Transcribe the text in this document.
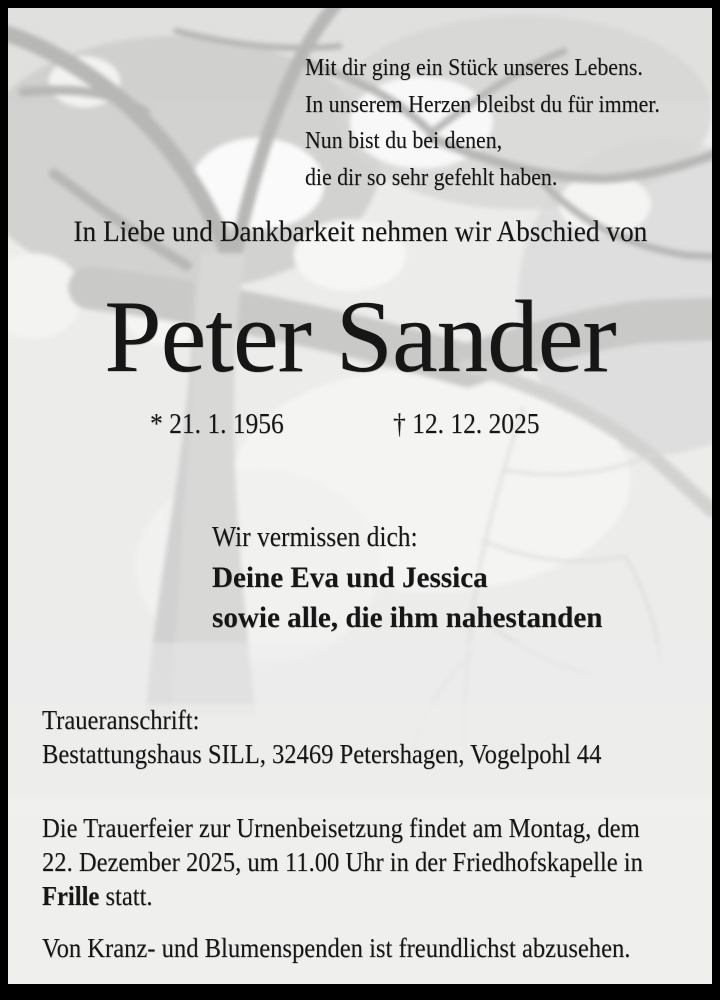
Mit dir ging ein Stück unseres Lebens.
In unserem Herzen bleibst du für immer.
Nun bist du bei denen,
die dir so sehr gefehlt haben.
In Liebe und Dankbarkeit nehmen wir Abschied von
Peter Sander
* 21. 1. 1956	† 12. 12. 2025
Wir vermissen dich:
Deine Eva und Jessica
sowie alle, die ihm nahestanden
Traueranschrift:
Bestattungshaus SILL, 32469 Petershagen, Vogelpohl 44
Die Trauerfeier zur Urnenbeisetzung findet am Montag, dem
22. Dezember 2025, um 11.00 Uhr in der Friedhofskapelle in
Frille statt.
Von Kranz- und Blumenspenden ist freundlichst abzusehen.
